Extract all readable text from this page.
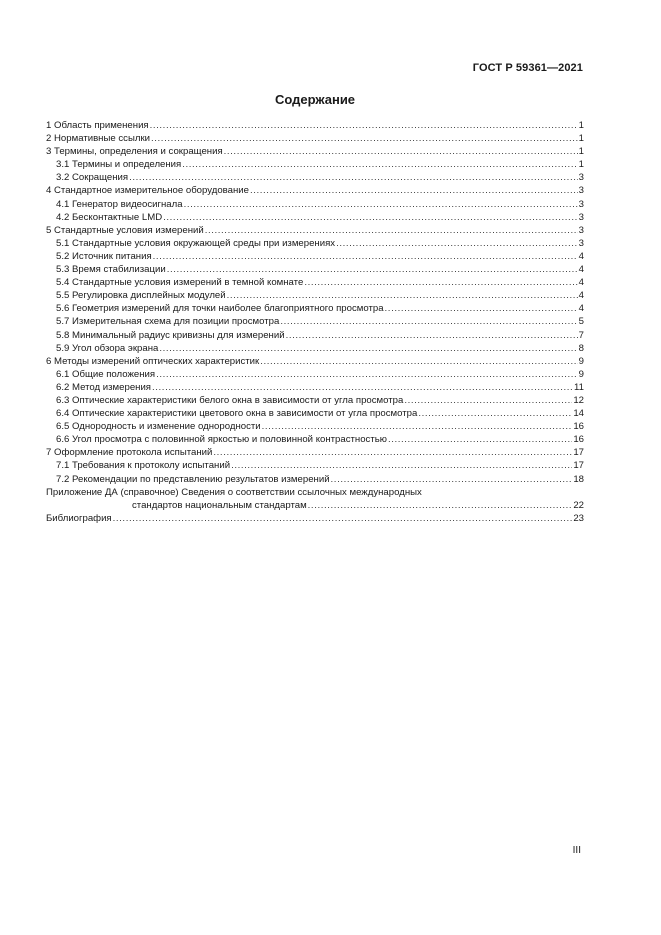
ГОСТ Р 59361—2021
Содержание
1 Область применения .....	1
2 Нормативные ссылки .....	1
3 Термины, определения и сокращения .....	1
3.1 Термины и определения .....	1
3.2 Сокращения .....	3
4 Стандартное измерительное оборудование .....	3
4.1 Генератор видеосигнала .....	3
4.2 Бесконтактные LMD .....	3
5 Стандартные условия измерений .....	3
5.1 Стандартные условия окружающей среды при измерениях .....	3
5.2 Источник питания .....	4
5.3 Время стабилизации .....	4
5.4 Стандартные условия измерений в темной комнате .....	4
5.5 Регулировка дисплейных модулей .....	4
5.6 Геометрия измерений для точки наиболее благоприятного просмотра .....	4
5.7 Измерительная схема для позиции просмотра .....	5
5.8 Минимальный радиус кривизны для измерений .....	7
5.9 Угол обзора экрана .....	8
6 Методы измерений оптических характеристик .....	9
6.1 Общие положения .....	9
6.2 Метод измерения .....	11
6.3 Оптические характеристики белого окна в зависимости от угла просмотра .....	12
6.4 Оптические характеристики цветового окна в зависимости от угла просмотра .....	14
6.5 Однородность и изменение однородности .....	16
6.6 Угол просмотра с половинной яркостью и половинной контрастностью .....	16
7 Оформление протокола испытаний .....	17
7.1 Требования к протоколу испытаний .....	17
7.2 Рекомендации по представлению результатов измерений .....	18
Приложение ДА (справочное) Сведения о соответствии ссылочных международных
стандартов национальным стандартам .....	22
Библиография .....	23
III
